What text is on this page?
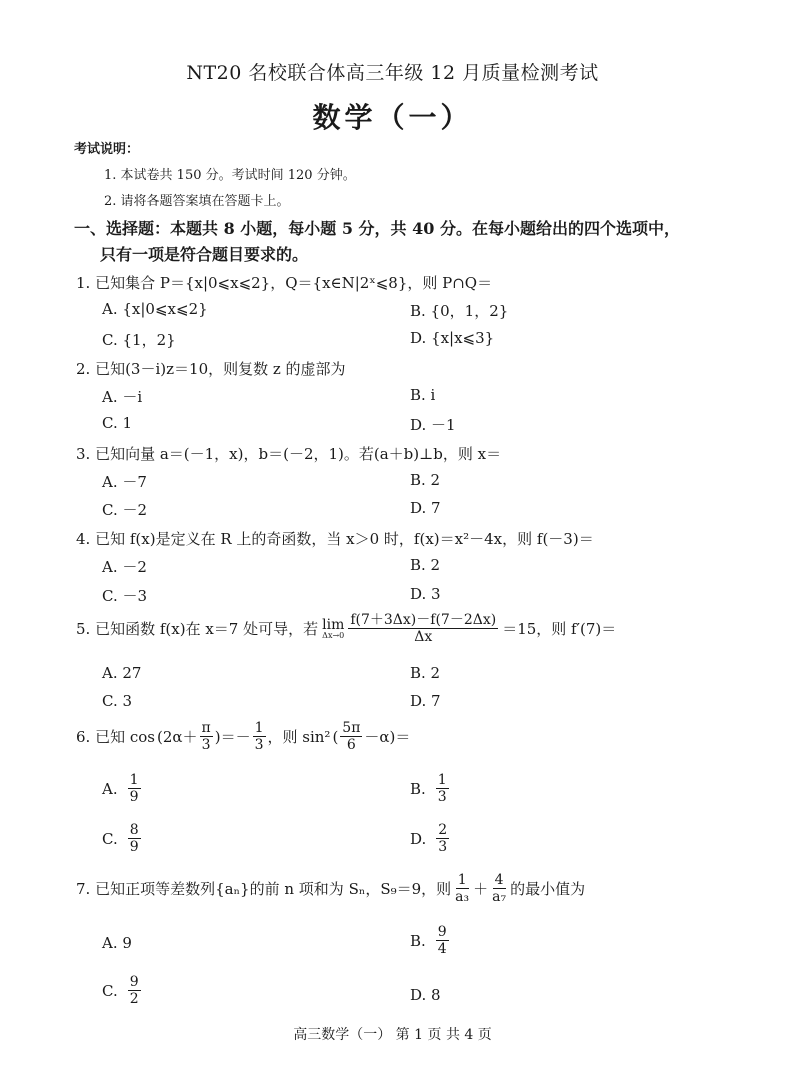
NT20 名校联合体高三年级 12 月质量检测考试
数学（一）
考试说明：
1. 本试卷共 150 分。考试时间 120 分钟。
2. 请将各题答案填在答题卡上。
一、选择题：本题共 8 小题，每小题 5 分，共 40 分。在每小题给出的四个选项中，
只有一项是符合题目要求的。
1. 已知集合 P＝{x|0⩽x⩽2}，Q＝{x∈N|2ˣ⩽8}，则 P∩Q＝
A. {x|0⩽x⩽2}	B. {0，1，2}
C. {1，2}	D. {x|x⩽3}
2. 已知(3－i)z＝10，则复数 z 的虚部为
A. －i	B. i
C. 1	D. －1
3. 已知向量 a＝(－1，x)，b＝(－2，1)。若(a＋b)⊥b，则 x＝
A. －7	B. 2
C. －2	D. 7
4. 已知 f(x)是定义在 R 上的奇函数，当 x＞0 时，f(x)＝x²－4x，则 f(－3)＝
A. －2	B. 2
C. －3	D. 3
5. 已知函数 f(x)在 x＝7 处可导，若 lim
$\Delta x\to 0 \frac{f(7+3\Delta x)-f(7-2\Delta x)}{\Delta x} =15$，则 f′(7)＝
A. 27	B. 2
C. 3	D. 7
6. 已知 $\cos (2\alpha+ \frac{\pi}{3}$ )＝－ $\frac{1}{3}$ ，则 sin² ( $\frac{5\pi}{6} -\alpha)=$
A. $\frac{1}{9}$	B. $\frac{1}{3}$
C. $\frac{8}{9}$	D. $\frac{2}{3}$
7. 已知正项等差数列{aₙ}的前 n 项和为 Sₙ，S₉＝9，则 $\frac{1}{\text{a₃}} + \frac{4}{\text{a₇}}$ 的最小值为
A. 9	B. $\frac{9}{4}$
C. $\frac{9}{2}$	D. 8
高三数学（一） 第 1 页 共 4 页
